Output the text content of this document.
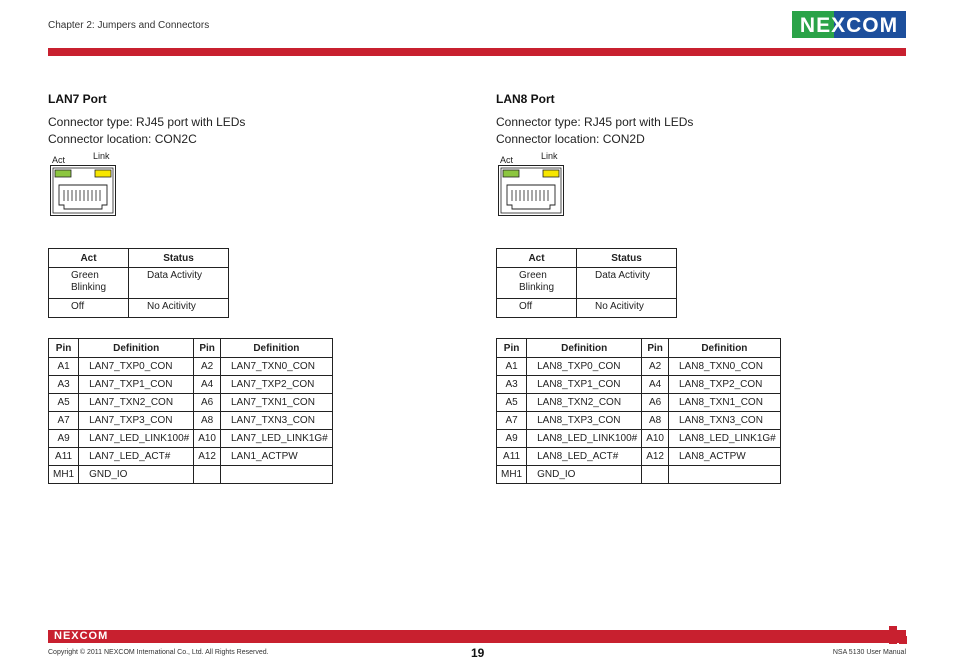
Chapter 2: Jumpers and Connectors	NEXCOM

LAN7 Port

Connector type: RJ45 port with LEDs
Connector location: CON2C
Act	Link
Act	Status
Green
Blinking	Data Activity
Off	No Acitivity
Pin	Definition	Pin	Definition
A1	LAN7_TXP0_CON	A2	LAN7_TXN0_CON
A3	LAN7_TXP1_CON	A4	LAN7_TXP2_CON
A5	LAN7_TXN2_CON	A6	LAN7_TXN1_CON
A7	LAN7_TXP3_CON	A8	LAN7_TXN3_CON
A9	LAN7_LED_LINK100#	A10	LAN7_LED_LINK1G#
A11	LAN7_LED_ACT#	A12	LAN1_ACTPW
MH1	GND_IO		

LAN8 Port

Connector type: RJ45 port with LEDs
Connector location: CON2D
Act	Link
Act	Status
Green
Blinking	Data Activity
Off	No Acitivity
Pin	Definition	Pin	Definition
A1	LAN8_TXP0_CON	A2	LAN8_TXN0_CON
A3	LAN8_TXP1_CON	A4	LAN8_TXP2_CON
A5	LAN8_TXN2_CON	A6	LAN8_TXN1_CON
A7	LAN8_TXP3_CON	A8	LAN8_TXN3_CON
A9	LAN8_LED_LINK100#	A10	LAN8_LED_LINK1G#
A11	LAN8_LED_ACT#	A12	LAN8_ACTPW
MH1	GND_IO		
NEXCOM
Copyright © 2011 NEXCOM International Co., Ltd. All Rights Reserved.	19	NSA 5130 User Manual
